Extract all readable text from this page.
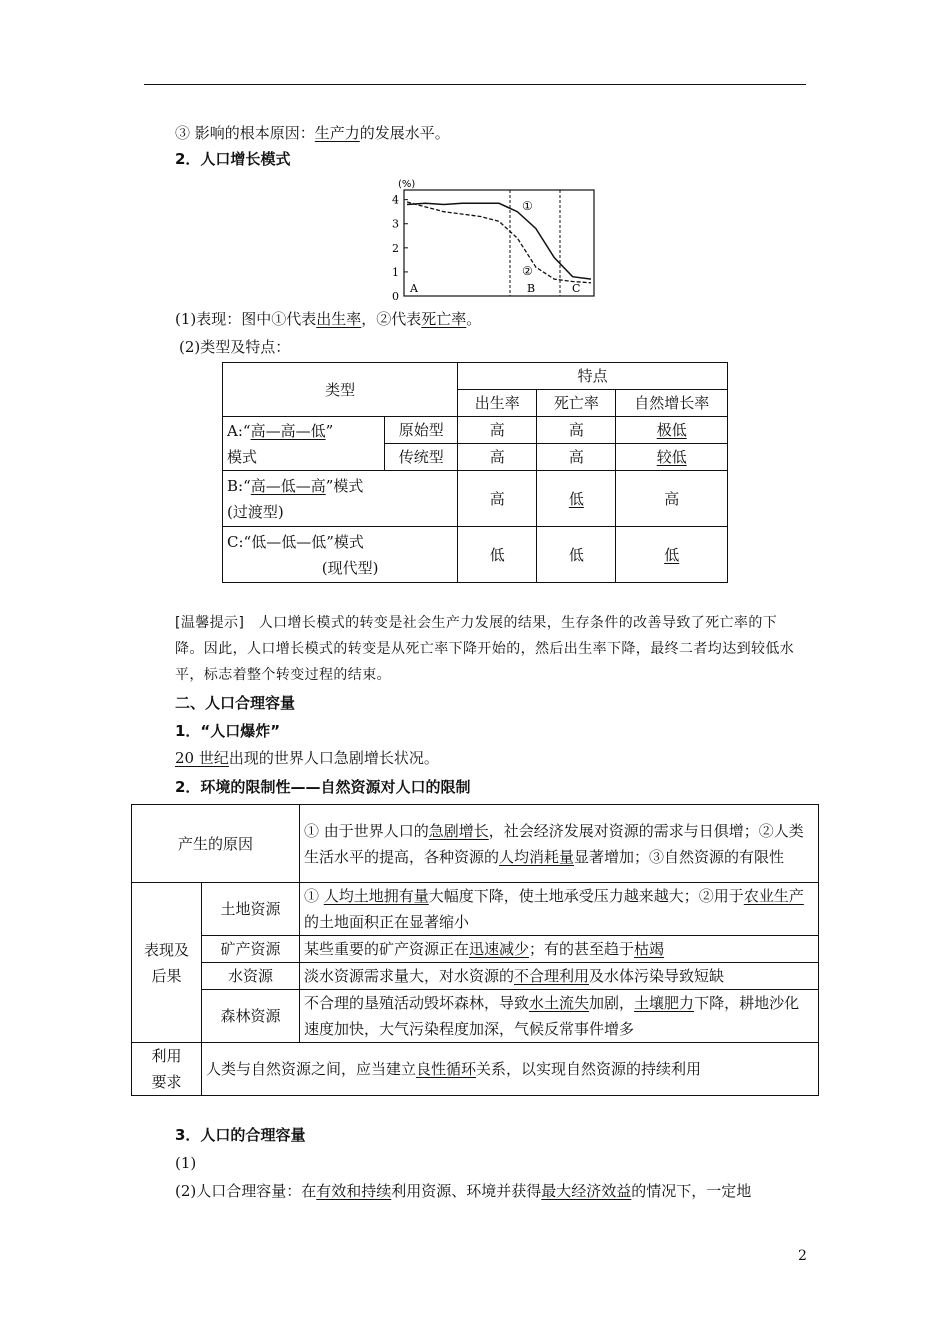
③ 影响的根本原因：生产力的发展水平。
2．人口增长模式
(%)
0
1
2
3
4	①
②
A	B	C
(1)表现：图中①代表出生率，②代表死亡率。
(2)类型及特点：
类型		特点		
		出生率	死亡率	自然增长率

A:“高—高—低”
模式	原始型	高	高	极低
	传统型	高	高	较低

B:“高—低—高”模式
(过渡型)		高	低	高

C:“低—低—低”模式
(现代型)		低	低	低
[温馨提示]　人口增长模式的转变是社会生产力发展的结果，生存条件的改善导致了死亡率的下降。因此，人口增长模式的转变是从死亡率下降开始的，然后出生率下降，最终二者均达到较低水平，标志着整个转变过程的结束。
二、人口合理容量
1．“人口爆炸”
20 世纪出现的世界人口急剧增长状况。
2．环境的限制性——自然资源对人口的限制
产生的原因		① 由于世界人口的急剧增长，社会经济发展对资源的需求与日俱增；②人类生活水平的提高，各种资源的人均消耗量显著增加；③自然资源的有限性

表现及后果	土地资源	① 人均土地拥有量大幅度下降，使土地承受压力越来越大；②用于农业生产的土地面积正在显著缩小
	矿产资源	某些重要的矿产资源正在迅速减少；有的甚至趋于枯竭
	水资源	淡水资源需求量大，对水资源的不合理利用及水体污染导致短缺
	森林资源	不合理的垦殖活动毁坏森林，导致水土流失加剧，土壤肥力下降，耕地沙化速度加快，大气污染程度加深，气候反常事件增多

利用要求	人类与自然资源之间，应当建立良性循环关系，以实现自然资源的持续利用	
3．人口的合理容量
(1)
(2)人口合理容量：在有效和持续利用资源、环境并获得最大经济效益的情况下，一定地
2
